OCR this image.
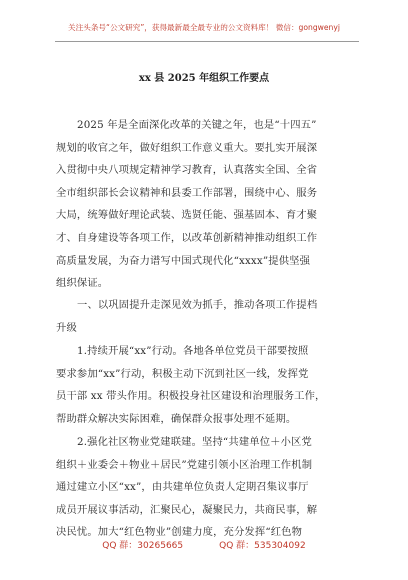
关注头条号“公文研究”，获得最新最全最专业的公文资料库！ 微信：gongwenyj
xx 县 2025 年组织工作要点
2025 年是全面深化改革的关键之年，也是“十四五”
规划的收官之年，做好组织工作意义重大。要扎实开展深
入贯彻中央八项规定精神学习教育，认真落实全国、全省
全市组织部长会议精神和县委工作部署，围绕中心、服务
大局，统筹做好理论武装、选贤任能、强基固本、育才聚
才、自身建设等各项工作，以改革创新精神推动组织工作
高质量发展，为奋力谱写中国式现代化“xxxx”提供坚强
组织保证。
一、以巩固提升走深见效为抓手，推动各项工作提档
升级
1.持续开展“xx”行动。各地各单位党员干部要按照
要求参加“xx”行动，积极主动下沉到社区一线，发挥党
员干部 xx 带头作用。积极投身社区建设和治理服务工作，
帮助群众解决实际困难，确保群众报事处理不延期。
2.强化社区物业党建联建。坚持“共建单位＋小区党
组织＋业委会＋物业＋居民”党建引领小区治理工作机制
通过建立小区“xx”，由共建单位负责人定期召集议事厅
成员开展议事活动，汇聚民心，凝聚民力，共商民事，解
决民忧。加大“红色物业”创建力度，充分发挥“红色物
QQ 群：30265665	QQ 群：535304092
